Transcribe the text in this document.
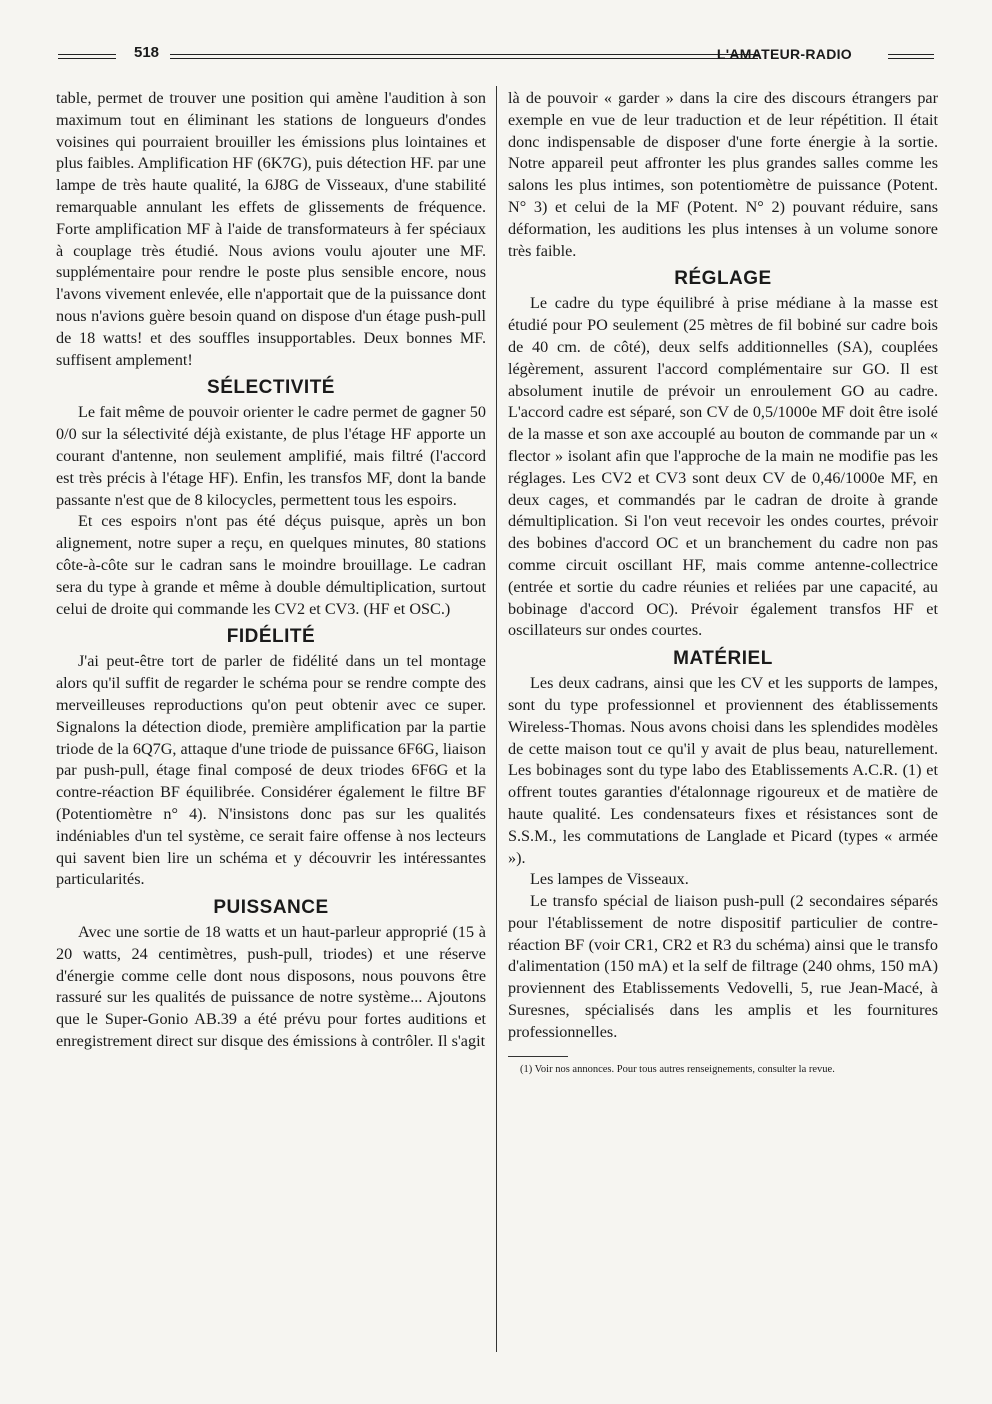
518	L'AMATEUR-RADIO

table, permet de trouver une position qui amène l'audition à son maximum tout en éliminant les stations de longueurs d'ondes voisines qui pourraient brouiller les émissions plus lointaines et plus faibles. Amplification HF (6K7G), puis détection HF. par une lampe de très haute qualité, la 6J8G de Visseaux, d'une stabilité remarquable annulant les effets de glissements de fréquence. Forte amplification MF à l'aide de transformateurs à fer spéciaux à couplage très étudié. Nous avions voulu ajouter une MF. supplémentaire pour rendre le poste plus sensible encore, nous l'avons vivement enlevée, elle n'apportait que de la puissance dont nous n'avions guère besoin quand on dispose d'un étage push-pull de 18 watts! et des souffles insupportables. Deux bonnes MF. suffisent amplement!

SÉLECTIVITÉ

Le fait même de pouvoir orienter le cadre permet de gagner 50 0/0 sur la sélectivité déjà existante, de plus l'étage HF apporte un courant d'antenne, non seulement amplifié, mais filtré (l'accord est très précis à l'étage HF). Enfin, les transfos MF, dont la bande passante n'est que de 8 kilocycles, permettent tous les espoirs.

Et ces espoirs n'ont pas été déçus puisque, après un bon alignement, notre super a reçu, en quelques minutes, 80 stations côte-à-côte sur le cadran sans le moindre brouillage. Le cadran sera du type à grande et même à double démultiplication, surtout celui de droite qui commande les CV2 et CV3. (HF et OSC.)

FIDÉLITÉ

J'ai peut-être tort de parler de fidélité dans un tel montage alors qu'il suffit de regarder le schéma pour se rendre compte des merveilleuses reproductions qu'on peut obtenir avec ce super. Signalons la détection diode, première amplification par la partie triode de la 6Q7G, attaque d'une triode de puissance 6F6G, liaison par push-pull, étage final composé de deux triodes 6F6G et la contre-réaction BF équilibrée. Considérer également le filtre BF (Potentiomètre n° 4). N'insistons donc pas sur les qualités indéniables d'un tel système, ce serait faire offense à nos lecteurs qui savent bien lire un schéma et y découvrir les intéressantes particularités.

PUISSANCE

Avec une sortie de 18 watts et un haut-parleur approprié (15 à 20 watts, 24 centimètres, push-pull, triodes) et une réserve d'énergie comme celle dont nous disposons, nous pouvons être rassuré sur les qualités de puissance de notre système... Ajoutons que le Super-Gonio AB.39 a été prévu pour fortes auditions et enregistrement direct sur disque des émissions à contrôler. Il s'agit

là de pouvoir « garder » dans la cire des discours étrangers par exemple en vue de leur traduction et de leur répétition. Il était donc indispensable de disposer d'une forte énergie à la sortie. Notre appareil peut affronter les plus grandes salles comme les salons les plus intimes, son potentiomètre de puissance (Potent. N° 3) et celui de la MF (Potent. N° 2) pouvant réduire, sans déformation, les auditions les plus intenses à un volume sonore très faible.

RÉGLAGE

Le cadre du type équilibré à prise médiane à la masse est étudié pour PO seulement (25 mètres de fil bobiné sur cadre bois de 40 cm. de côté), deux selfs additionnelles (SA), couplées légèrement, assurent l'accord complémentaire sur GO. Il est absolument inutile de prévoir un enroulement GO au cadre. L'accord cadre est séparé, son CV de 0,5/1000e MF doit être isolé de la masse et son axe accouplé au bouton de commande par un « flector » isolant afin que l'approche de la main ne modifie pas les réglages. Les CV2 et CV3 sont deux CV de 0,46/1000e MF, en deux cages, et commandés par le cadran de droite à grande démultiplication. Si l'on veut recevoir les ondes courtes, prévoir des bobines d'accord OC et un branchement du cadre non pas comme circuit oscillant HF, mais comme antenne-collectrice (entrée et sortie du cadre réunies et reliées par une capacité, au bobinage d'accord OC). Prévoir également transfos HF et oscillateurs sur ondes courtes.

MATÉRIEL

Les deux cadrans, ainsi que les CV et les supports de lampes, sont du type professionnel et proviennent des établissements Wireless-Thomas. Nous avons choisi dans les splendides modèles de cette maison tout ce qu'il y avait de plus beau, naturellement. Les bobinages sont du type labo des Etablissements A.C.R. (1) et offrent toutes garanties d'étalonnage rigoureux et de matière de haute qualité. Les condensateurs fixes et résistances sont de S.S.M., les commutations de Langlade et Picard (types « armée »).

Les lampes de Visseaux.

Le transfo spécial de liaison push-pull (2 secondaires séparés pour l'établissement de notre dispositif particulier de contre-réaction BF (voir CR1, CR2 et R3 du schéma) ainsi que le transfo d'alimentation (150 mA) et la self de filtrage (240 ohms, 150 mA) proviennent des Etablissements Vedovelli, 5, rue Jean-Macé, à Suresnes, spécialisés dans les amplis et les fournitures professionnelles.

(1) Voir nos annonces. Pour tous autres renseignements, consulter la revue.
